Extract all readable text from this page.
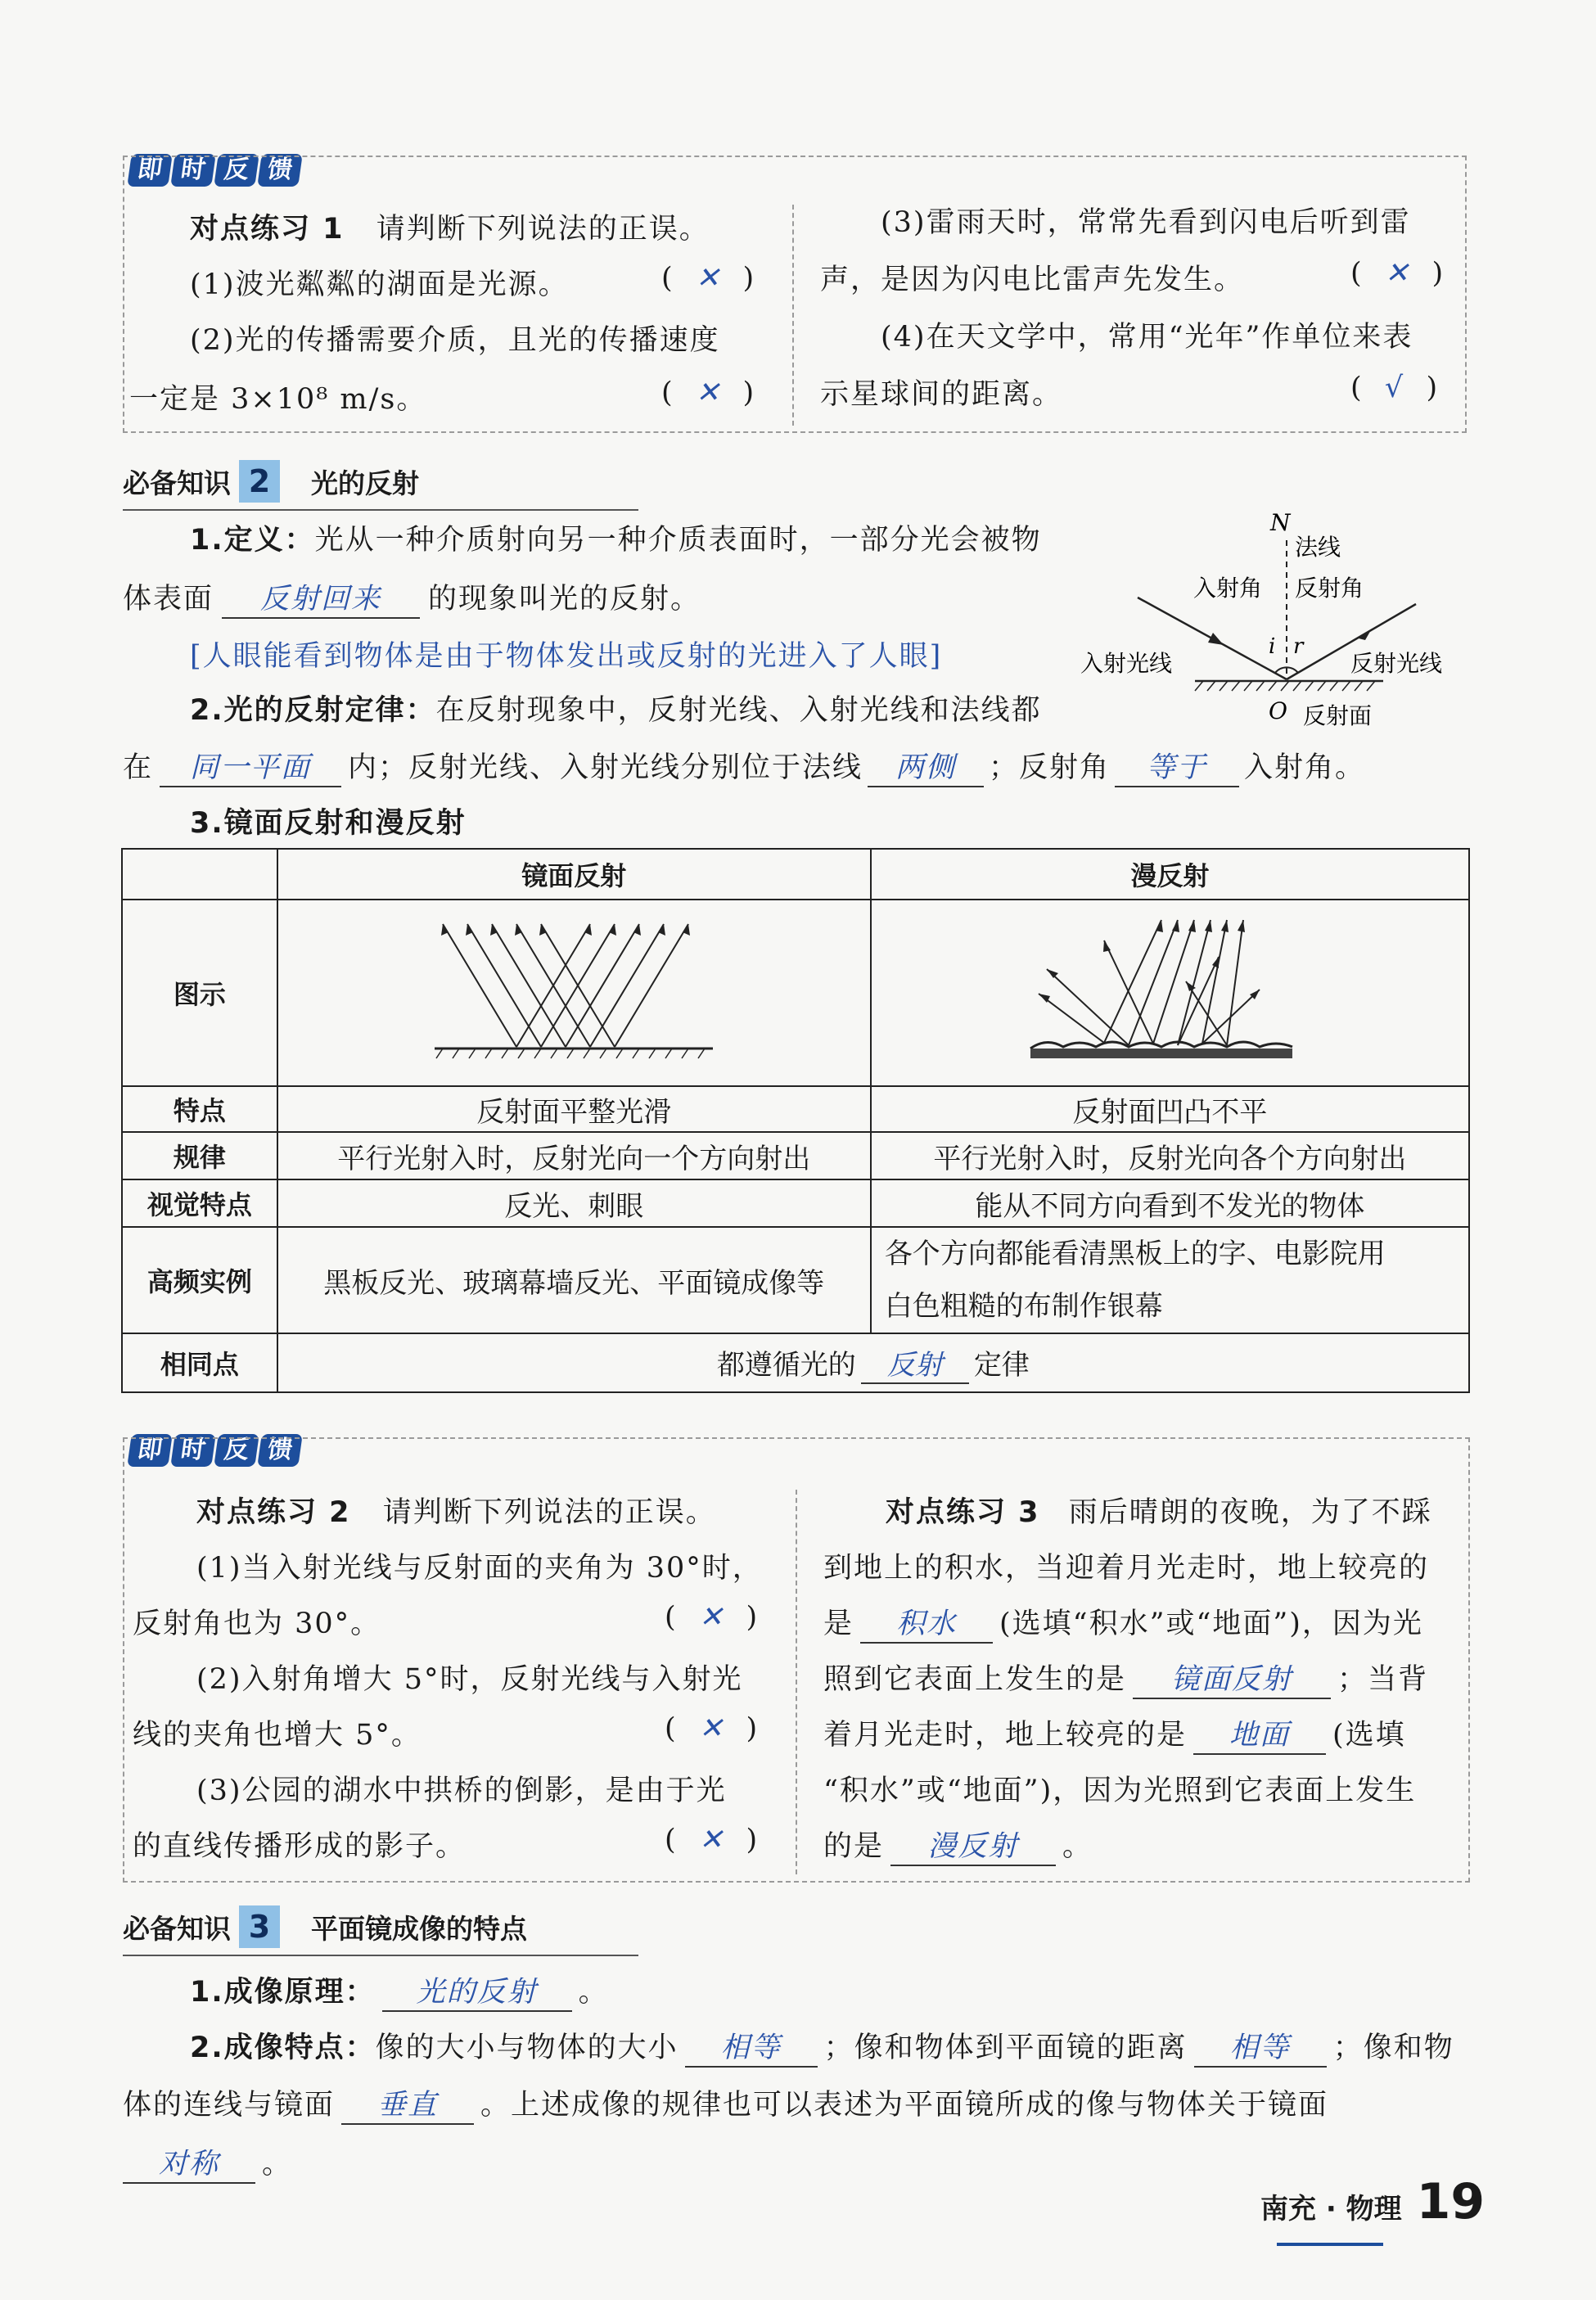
即 时 反 馈
对点练习 1 请判断下列说法的正误。
(1)波光粼粼的湖面是光源。	(  ✕  )
(2)光的传播需要介质，且光的传播速度
一定是 3×10⁸ m/s。	(  ✕  )
(3)雷雨天时，常常先看到闪电后听到雷
声，是因为闪电比雷声先发生。	(  ✕  )
(4)在天文学中，常用“光年”作单位来表
示星球间的距离。	(  √  )
必备知识 2	光的反射
1.定义：光从一种介质射向另一种介质表面时，一部分光会被物
体表面 反射回来 的现象叫光的反射。
[人眼能看到物体是由于物体发出或反射的光进入了人眼]
2.光的反射定律：在反射现象中，反射光线、入射光线和法线都
在 同一平面 内；反射光线、入射光线分别位于法线 两侧 ；反射角 等于 入射角。
3.镜面反射和漫反射
N
法线
入射角 反射角
入射光线	反射光线
i r
O 反射面
	镜面反射	漫反射
图示		
特点	反射面平整光滑	反射面凹凸不平
规律	平行光射入时，反射光向一个方向射出	平行光射入时，反射光向各个方向射出
视觉特点	反光、刺眼	能从不同方向看到不发光的物体
高频实例	黑板反光、玻璃幕墙反光、平面镜成像等	各个方向都能看清黑板上的字、电影院用
白色粗糙的布制作银幕

相同点	都遵循光的 反射 定律	
即 时 反 馈
对点练习 2 请判断下列说法的正误。
(1)当入射光线与反射面的夹角为 30°时，
反射角也为 30°。	(  ✕  )
(2)入射角增大 5°时，反射光线与入射光
线的夹角也增大 5°。	(  ✕  )
(3)公园的湖水中拱桥的倒影，是由于光
的直线传播形成的影子。	(  ✕  )
对点练习 3 雨后晴朗的夜晚，为了不踩
到地上的积水，当迎着月光走时，地上较亮的
是 积水 (选填“积水”或“地面”)，因为光
照到它表面上发生的是 镜面反射 ；当背
着月光走时，地上较亮的是 地面 (选填
“积水”或“地面”)，因为光照到它表面上发生
的是 漫反射 。
必备知识 3	平面镜成像的特点
1.成像原理： 光的反射 。
2.成像特点：像的大小与物体的大小 相等 ；像和物体到平面镜的距离 相等 ；像和物
体的连线与镜面 垂直 。上述成像的规律也可以表述为平面镜所成的像与物体关于镜面
对称 。
南充 · 物理 19
